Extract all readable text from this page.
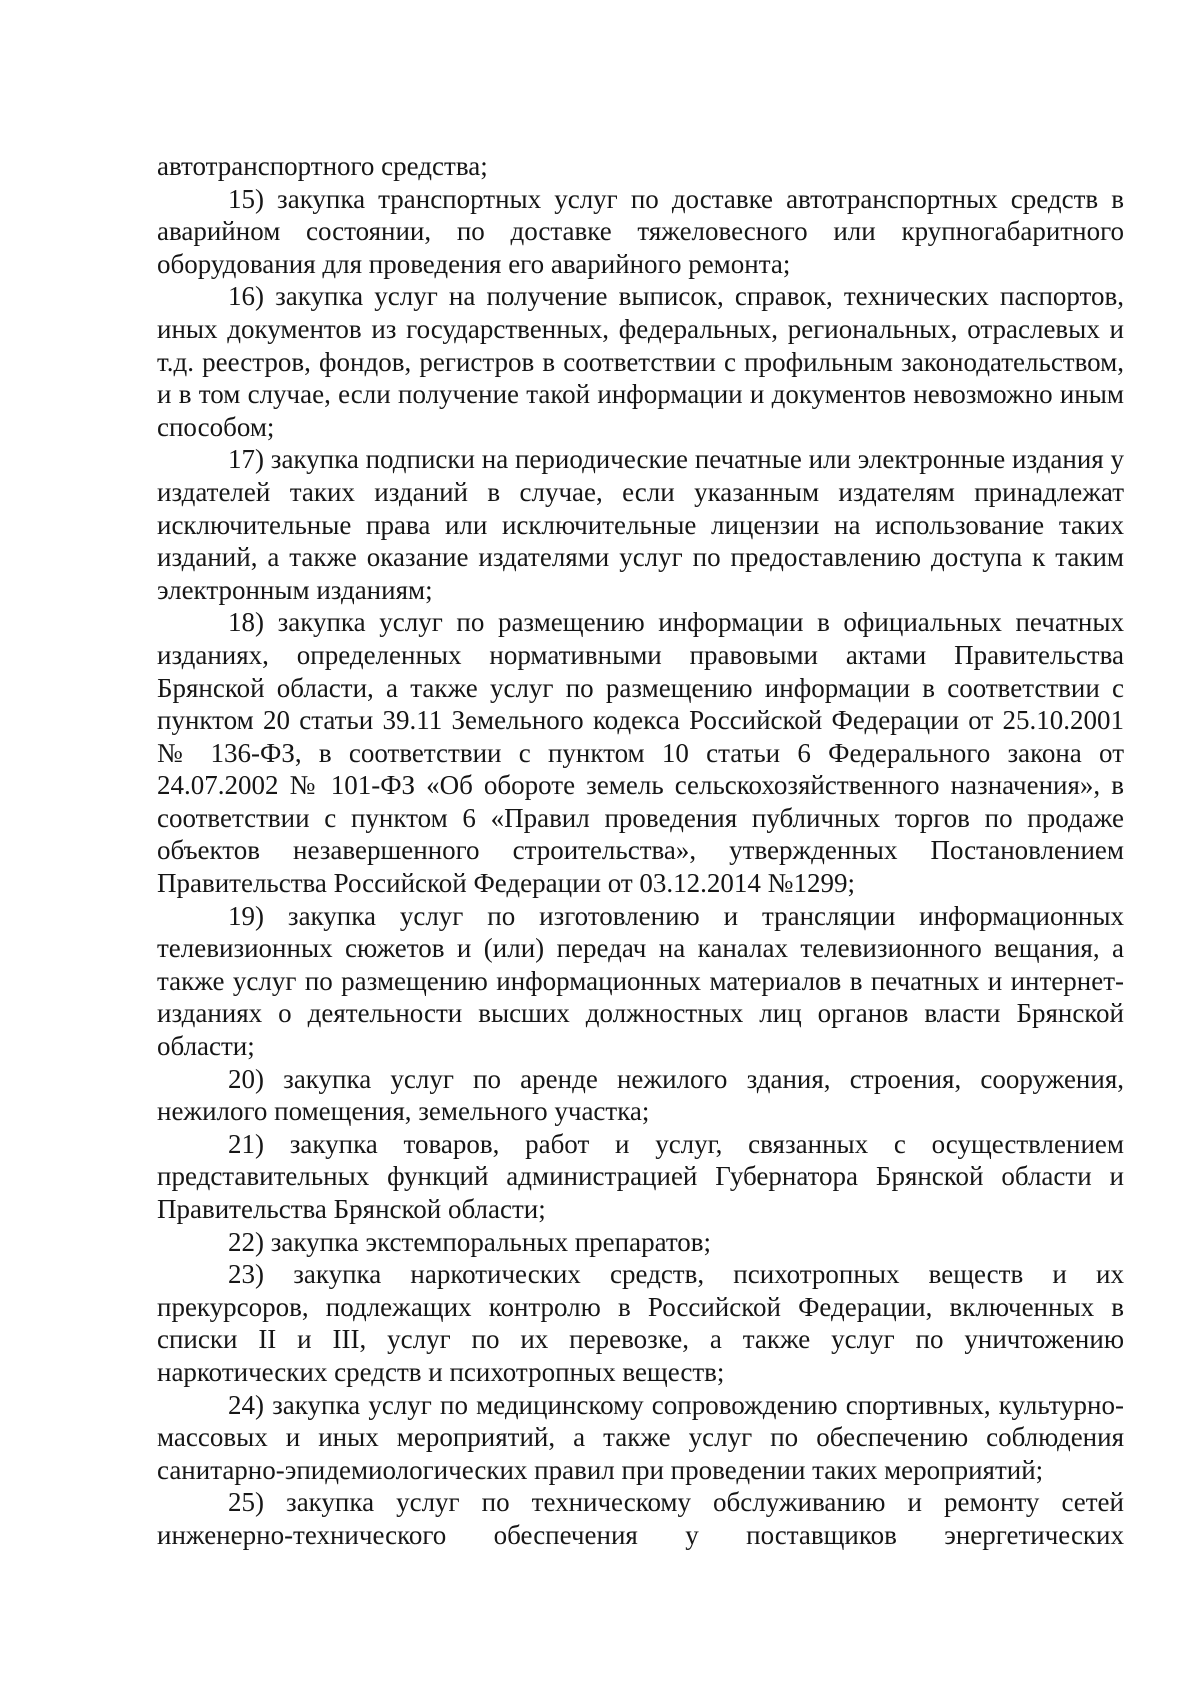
автотранспортного средства;

15) закупка транспортных услуг по доставке автотранспортных средств в аварийном состоянии, по доставке тяжеловесного или крупногабаритного оборудования для проведения его аварийного ремонта;

16) закупка услуг на получение выписок, справок, технических паспортов, иных документов из государственных, федеральных, региональных, отраслевых и т.д. реестров, фондов, регистров в соответствии с профильным законодательством, и в том случае, если получение такой информации и документов невозможно иным способом;

17) закупка подписки на периодические печатные или электронные издания у издателей таких изданий в случае, если указанным издателям принадлежат исключительные права или исключительные лицензии на использование таких изданий, а также оказание издателями услуг по предоставлению доступа к таким электронным изданиям;

18) закупка услуг по размещению информации в официальных печатных изданиях, определенных нормативными правовыми актами Правительства Брянской области, а также услуг по размещению информации в соответствии с пунктом 20 статьи 39.11 Земельного кодекса Российской Федерации от 25.10.2001 № 136-ФЗ, в соответствии с пунктом 10 статьи 6 Федерального закона от 24.07.2002 № 101-ФЗ «Об обороте земель сельскохозяйственного назначения», в соответствии с пунктом 6 «Правил проведения публичных торгов по продаже объектов незавершенного строительства», утвержденных Постановлением Правительства Российской Федерации от 03.12.2014 №1299;

19) закупка услуг по изготовлению и трансляции информационных телевизионных сюжетов и (или) передач на каналах телевизионного вещания, а также услуг по размещению информационных материалов в печатных и интернет-изданиях о деятельности высших должностных лиц органов власти Брянской области;

20) закупка услуг по аренде нежилого здания, строения, сооружения, нежилого помещения, земельного участка;

21) закупка товаров, работ и услуг, связанных с осуществлением представительных функций администрацией Губернатора Брянской области и Правительства Брянской области;

22) закупка экстемпоральных препаратов;

23) закупка наркотических средств, психотропных веществ и их прекурсоров, подлежащих контролю в Российской Федерации, включенных в списки II и III, услуг по их перевозке, а также услуг по уничтожению наркотических средств и психотропных веществ;

24) закупка услуг по медицинскому сопровождению спортивных, культурно-массовых и иных мероприятий, а также услуг по обеспечению соблюдения санитарно-эпидемиологических правил при проведении таких мероприятий;

25) закупка услуг по техническому обслуживанию и ремонту сетей инженерно-технического обеспечения у поставщиков энергетических
